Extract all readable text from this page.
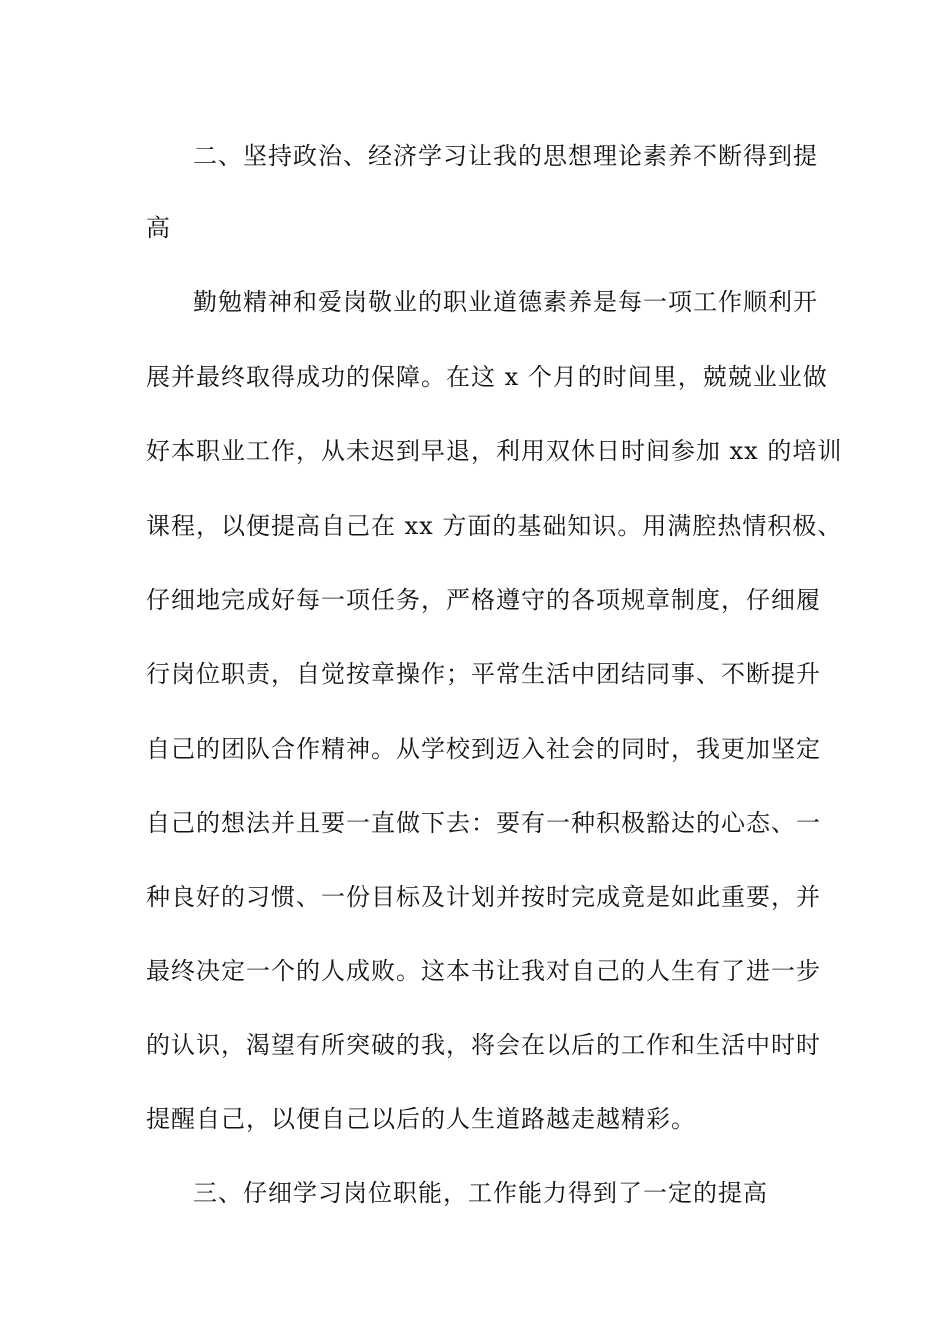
二、坚持政治、经济学习让我的思想理论素养不断得到提
高
勤勉精神和爱岗敬业的职业道德素养是每一项工作顺利开
展并最终取得成功的保障。在这 x 个月的时间里，兢兢业业做
好本职业工作，从未迟到早退，利用双休日时间参加 xx 的培训
课程，以便提高自己在 xx 方面的基础知识。用满腔热情积极、
仔细地完成好每一项任务，严格遵守的各项规章制度，仔细履
行岗位职责，自觉按章操作；平常生活中团结同事、不断提升
自己的团队合作精神。从学校到迈入社会的同时，我更加坚定
自己的想法并且要一直做下去：要有一种积极豁达的心态、一
种良好的习惯、一份目标及计划并按时完成竟是如此重要，并
最终决定一个的人成败。这本书让我对自己的人生有了进一步
的认识，渴望有所突破的我，将会在以后的工作和生活中时时
提醒自己，以便自己以后的人生道路越走越精彩。
三、仔细学习岗位职能，工作能力得到了一定的提高
